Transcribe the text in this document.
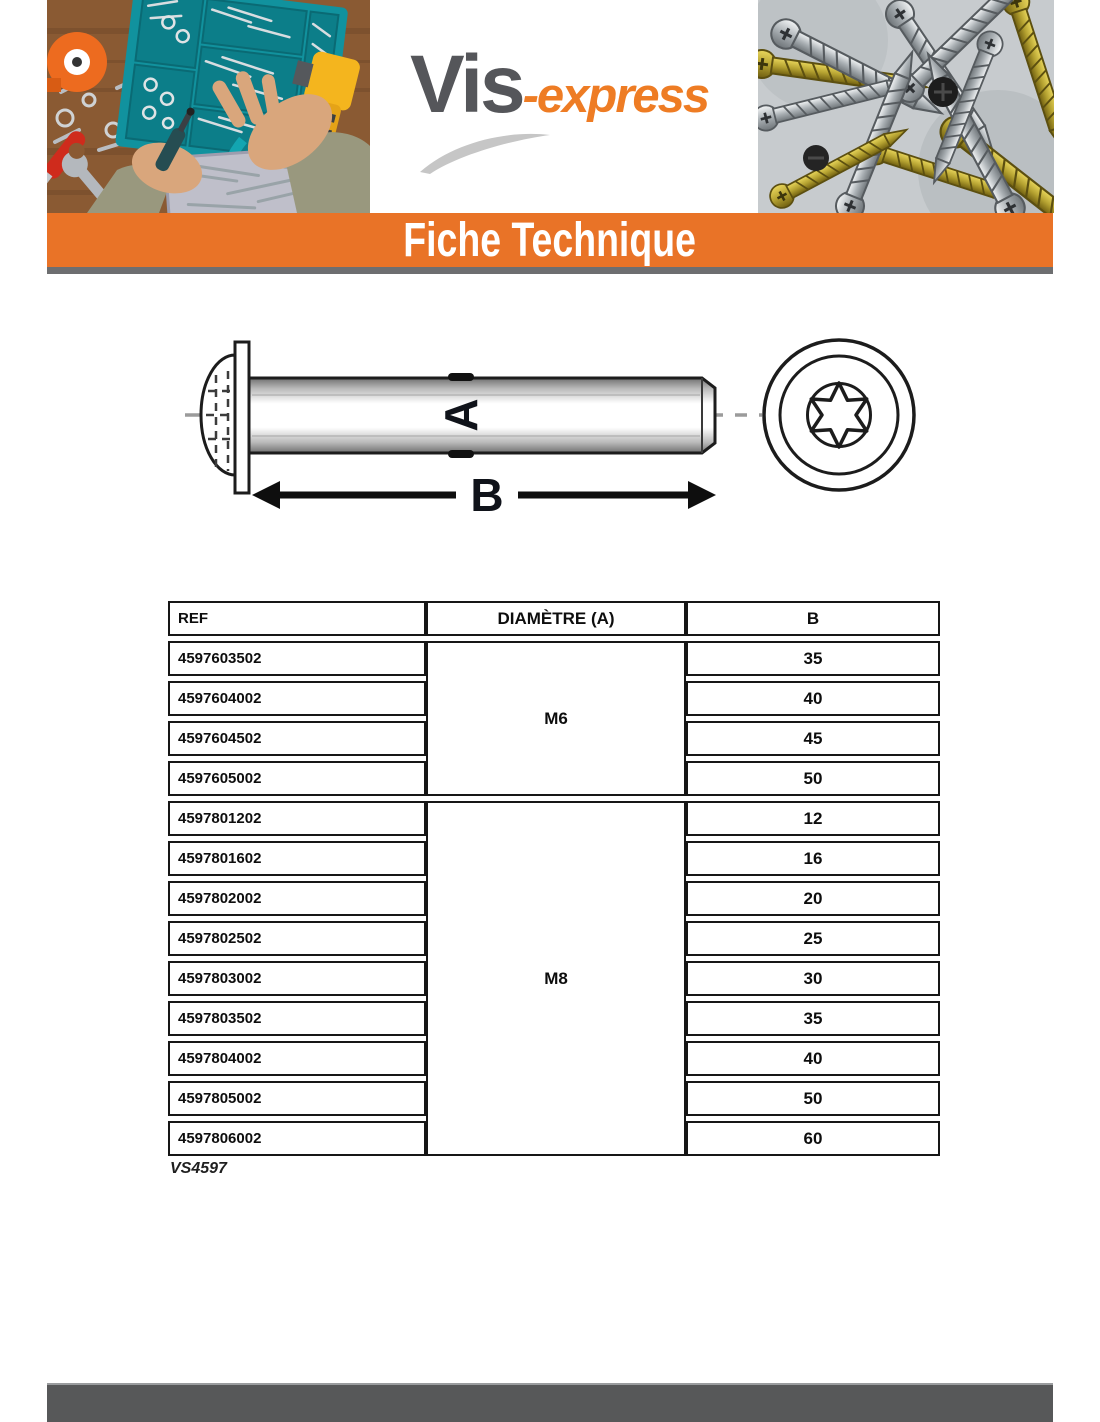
Vis -express
Fiche Technique
A
B
REF	DIAMÈTRE (A)	B
4597603502	M6	35
4597604002		40
4597604502		45
4597605002		50
4597801202	M8	12
4597801602		16
4597802002		20
4597802502		25
4597803002		30
4597803502		35
4597804002		40
4597805002		50
4597806002		60
VS4597
